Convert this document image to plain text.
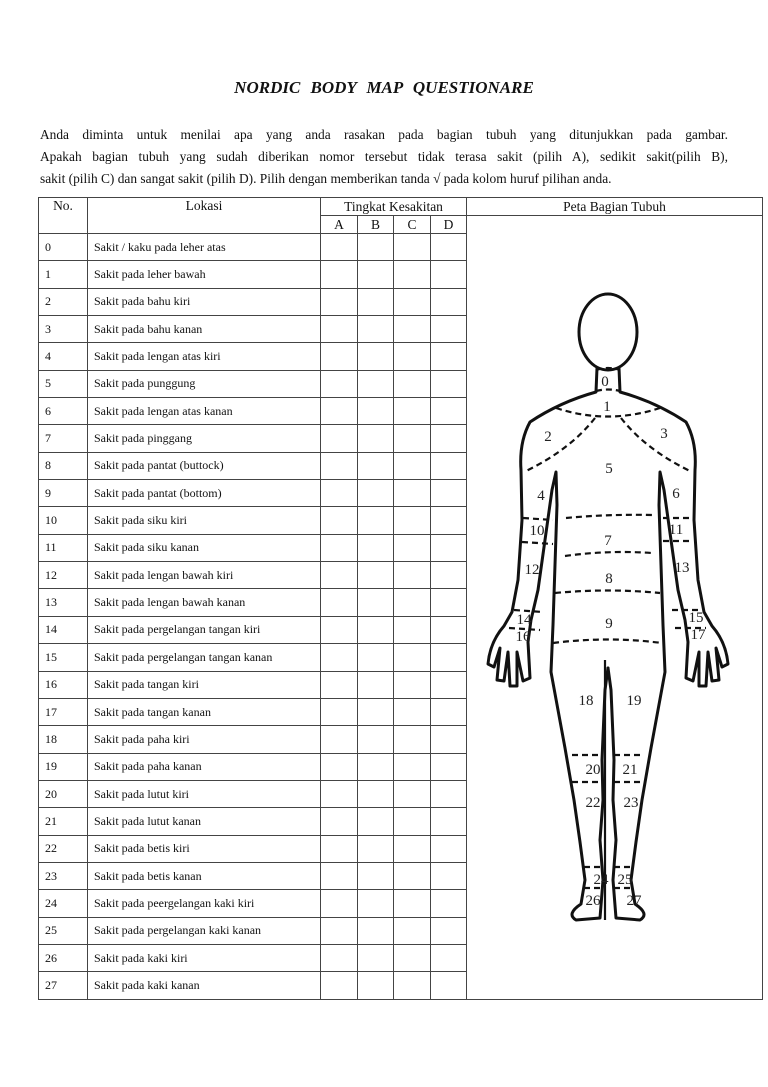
NORDIC BODY MAP QUESTIONARE
Anda diminta untuk menilai apa yang anda rasakan pada bagian tubuh yang ditunjukkan pada gambar.
Apakah bagian tubuh yang sudah diberikan nomor tersebut tidak terasa sakit (pilih A), sedikit sakit(pilih B),
sakit (pilih C) dan sangat sakit (pilih D). Pilih dengan memberikan tanda √ pada kolom huruf pilihan anda.
No.	Lokasi	Tingkat Kesakitan				Peta Bagian Tubuh
		A	B	C	D	
0	Sakit / kaku pada leher atas					
1	Sakit pada leher bawah					
2	Sakit pada bahu kiri					
3	Sakit pada bahu kanan					
4	Sakit pada lengan atas kiri					
5	Sakit pada punggung					
6	Sakit pada lengan atas kanan					
7	Sakit pada pinggang					
8	Sakit pada pantat (buttock)					
9	Sakit pada pantat (bottom)					
10	Sakit pada siku kiri					
11	Sakit pada siku kanan					
12	Sakit pada lengan bawah kiri					
13	Sakit pada lengan bawah kanan					
14	Sakit pada pergelangan tangan kiri					
15	Sakit pada pergelangan tangan kanan					
16	Sakit pada tangan kiri					
17	Sakit pada tangan kanan					
18	Sakit pada paha kiri					
19	Sakit pada paha kanan					
20	Sakit pada lutut kiri					
21	Sakit pada lutut kanan					
22	Sakit pada betis kiri					
23	Sakit pada betis kanan					
24	Sakit pada peergelangan kaki kiri					
25	Sakit pada pergelangan kaki kanan					
26	Sakit pada kaki kiri					
27	Sakit pada kaki kanan					
0
1
2	3
4
5
6
7
8
9
10	11
12	13
14	15
16	17
18 19
20 21
22 23
24 25
26 27
